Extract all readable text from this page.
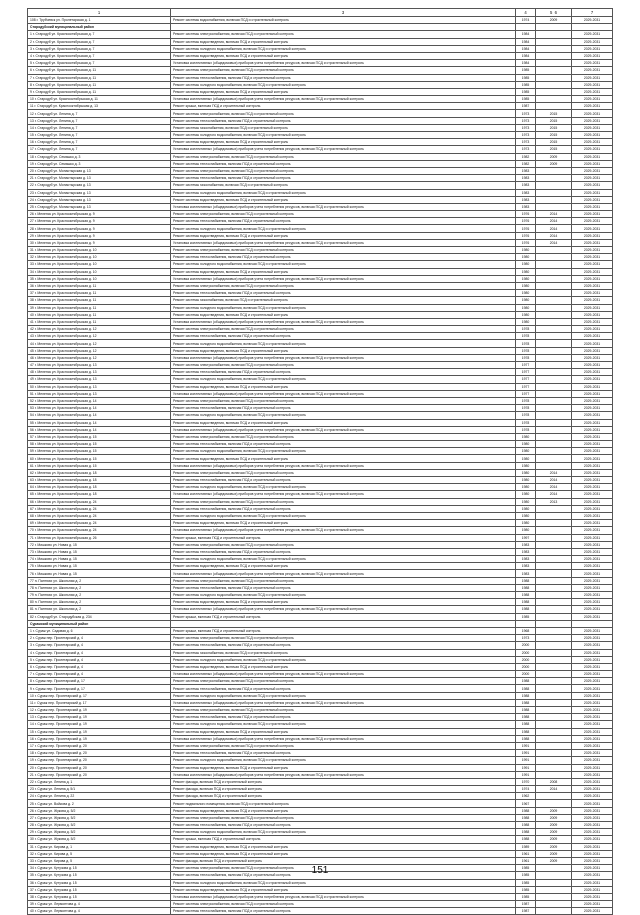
1	3	4	5 6	7
108 г. Трубчевск ул. Пролетарская д. 1	Ремонт системы водоснабжения, включая ПСД и строительный контроль	1974	2009	2029-2031
Стародубский муниципальный район				
1 г. Стародуб ул. Краснооктябрьская д. 7	Ремонт системы электроснабжения, включая ПСД и строительный контроль	1984		2029-2031
2 г. Стародуб ул. Краснооктябрьская д. 7	Ремонт системы водоотведения, включая ПСД и строительный контроль	1984		2029-2031
3 г. Стародуб ул. Краснооктябрьская д. 7	Ремонт системы холодного водоснабжения, включая ПСД и строительный контроль	1984		2029-2031
4 г. Стародуб ул. Краснооктябрьская д. 7	Ремонт системы водоотведения, включая ПСД и строительный контроль	1984		2029-2031
5 г. Стародуб ул. Краснооктябрьская д. 7	Установка коллективных (общедомовых) приборов учета потребления ресурсов, включая ПСД и строительный контроль	1984		2029-2031
6 г. Стародуб ул. Краснооктябрьская д. 11	Ремонт системы электроснабжения, включая ПСД и строительный контроль	1985		2029-2031
7 г. Стародуб ул. Краснооктябрьская д. 11	Ремонт системы теплоснабжения, включая ПСД и строительный контроль	1985		2029-2031
8 г. Стародуб ул. Краснооктябрьская д. 11	Ремонт системы холодного водоснабжения, включая ПСД и строительный контроль	1985		2029-2031
9 г. Стародуб ул. Краснооктябрьская д. 11	Ремонт системы водоотведения, включая ПСД и строительный контроль	1985		2029-2031
10 г. Стародуб ул. Краснооктябрьская д. 11	Установка коллективных (общедомовых) приборов учета потребления ресурсов, включая ПСД и строительный контроль	1985		2029-2031
11 г. Стародуб ул. Краснооктябрьская д. 13	Ремонт крыши, включая ПСД и строительный контроль	1987		2029-2031
12 г. Стародуб ул. Ленина д. 7	Ремонт системы электроснабжения, включая ПСД и строительный контроль	1973	2015	2029-2031
13 г. Стародуб ул. Ленина д. 7	Ремонт системы теплоснабжения, включая ПСД и строительный контроль	1973	2015	2029-2031
14 г. Стародуб ул. Ленина д. 7	Ремонт системы газоснабжения, включая ПСД и строительный контроль	1973	2015	2029-2031
15 г. Стародуб ул. Ленина д. 7	Ремонт системы холодного водоснабжения, включая ПСД и строительный контроль	1973	2015	2029-2031
16 г. Стародуб ул. Ленина д. 7	Ремонт системы водоотведения, включая ПСД и строительный контроль	1973	2015	2029-2031
17 г. Стародуб ул. Ленина д. 7	Установка коллективных (общедомовых) приборов учета потребления ресурсов, включая ПСД и строительный контроль	1973	2015	2029-2031
18 г. Стародуб ул. Семашко д. 3	Ремонт системы электроснабжения, включая ПСД и строительный контроль	1982	2009	2029-2031
19 г. Стародуб ул. Семашко д. 3	Ремонт системы теплоснабжения, включая ПСД и строительный контроль	1982	2009	2029-2031
20 г. Стародуб ул. Монастырская д. 13	Ремонт системы электроснабжения, включая ПСД и строительный контроль	1983		2029-2031
21 г. Стародуб ул. Монастырская д. 13	Ремонт системы теплоснабжения, включая ПСД и строительный контроль	1983		2029-2031
22 г. Стародуб ул. Монастырская д. 13	Ремонт системы газоснабжения, включая ПСД и строительный контроль	1983		2029-2031
23 г. Стародуб ул. Монастырская д. 13	Ремонт системы холодного водоснабжения, включая ПСД и строительный контроль	1983		2029-2031
24 г. Стародуб ул. Монастырская д. 13	Ремонт системы водоотведения, включая ПСД и строительный контроль	1983		2029-2031
25 г. Стародуб ул. Монастырская д. 13	Установка коллективных (общедомовых) приборов учета потребления ресурсов, включая ПСД и строительный контроль	1983		2029-2031
26 г. Меленск ул. Краснооктябрьская д. 9	Ремонт системы электроснабжения, включая ПСД и строительный контроль	1976	2014	2029-2031
27 г. Меленск ул. Краснооктябрьская д. 9	Ремонт системы теплоснабжения, включая ПСД и строительный контроль	1976	2014	2029-2031
28 г. Меленск ул. Краснооктябрьская д. 9	Ремонт системы холодного водоснабжения, включая ПСД и строительный контроль	1976	2014	2029-2031
29 г. Меленск ул. Краснооктябрьская д. 9	Ремонт системы водоотведения, включая ПСД и строительный контроль	1976	2014	2029-2031
30 г. Меленск ул. Краснооктябрьская д. 9	Установка коллективных (общедомовых) приборов учета потребления ресурсов, включая ПСД и строительный контроль	1976	2014	2029-2031
31 г. Меленск ул. Краснооктябрьская д. 10	Ремонт системы электроснабжения, включая ПСД и строительный контроль	1980		2029-2031
32 г. Меленск ул. Краснооктябрьская д. 10	Ремонт системы теплоснабжения, включая ПСД и строительный контроль	1980		2029-2031
33 г. Меленск ул. Краснооктябрьская д. 10	Ремонт системы холодного водоснабжения, включая ПСД и строительный контроль	1980		2029-2031
34 г. Меленск ул. Краснооктябрьская д. 10	Ремонт системы водоотведения, включая ПСД и строительный контроль	1980		2029-2031
35 г. Меленск ул. Краснооктябрьская д. 10	Установка коллективных (общедомовых) приборов учета потребления ресурсов, включая ПСД и строительный контроль	1980		2029-2031
36 г. Меленск ул. Краснооктябрьская д. 11	Ремонт системы электроснабжения, включая ПСД и строительный контроль	1980		2029-2031
37 г. Меленск ул. Краснооктябрьская д. 11	Ремонт системы теплоснабжения, включая ПСД и строительный контроль	1980		2029-2031
38 г. Меленск ул. Краснооктябрьская д. 11	Ремонт системы газоснабжения, включая ПСД и строительный контроль	1980		2029-2031
39 г. Меленск ул. Краснооктябрьская д. 11	Ремонт системы холодного водоснабжения, включая ПСД и строительный контроль	1980		2029-2031
40 г. Меленск ул. Краснооктябрьская д. 11	Ремонт системы водоотведения, включая ПСД и строительный контроль	1980		2029-2031
41 г. Меленск ул. Краснооктябрьская д. 11	Установка коллективных (общедомовых) приборов учета потребления ресурсов, включая ПСД и строительный контроль	1980		2029-2031
42 г. Меленск ул. Краснооктябрьская д. 12	Ремонт системы электроснабжения, включая ПСД и строительный контроль	1978		2029-2031
43 г. Меленск ул. Краснооктябрьская д. 12	Ремонт системы теплоснабжения, включая ПСД и строительный контроль	1978		2029-2031
44 г. Меленск ул. Краснооктябрьская д. 12	Ремонт системы холодного водоснабжения, включая ПСД и строительный контроль	1978		2029-2031
45 г. Меленск ул. Краснооктябрьская д. 12	Ремонт системы водоотведения, включая ПСД и строительный контроль	1978		2029-2031
46 г. Меленск ул. Краснооктябрьская д. 12	Установка коллективных (общедомовых) приборов учета потребления ресурсов, включая ПСД и строительный контроль	1978		2029-2031
47 г. Меленск ул. Краснооктябрьская д. 13	Ремонт системы электроснабжения, включая ПСД и строительный контроль	1977		2029-2031
48 г. Меленск ул. Краснооктябрьская д. 13	Ремонт системы теплоснабжения, включая ПСД и строительный контроль	1977		2029-2031
49 г. Меленск ул. Краснооктябрьская д. 13	Ремонт системы холодного водоснабжения, включая ПСД и строительный контроль	1977		2029-2031
50 г. Меленск ул. Краснооктябрьская д. 13	Ремонт системы водоотведения, включая ПСД и строительный контроль	1977		2029-2031
51 г. Меленск ул. Краснооктябрьская д. 13	Установка коллективных (общедомовых) приборов учета потребления ресурсов, включая ПСД и строительный контроль	1977		2029-2031
52 г. Меленск ул. Краснооктябрьская д. 14	Ремонт системы электроснабжения, включая ПСД и строительный контроль	1978		2029-2031
53 г. Меленск ул. Краснооктябрьская д. 14	Ремонт системы теплоснабжения, включая ПСД и строительный контроль	1978		2029-2031
54 г. Меленск ул. Краснооктябрьская д. 14	Ремонт системы холодного водоснабжения, включая ПСД и строительный контроль	1978		2029-2031
55 г. Меленск ул. Краснооктябрьская д. 14	Ремонт системы водоотведения, включая ПСД и строительный контроль	1978		2029-2031
56 г. Меленск ул. Краснооктябрьская д. 14	Установка коллективных (общедомовых) приборов учета потребления ресурсов, включая ПСД и строительный контроль	1978		2029-2031
57 г. Меленск ул. Краснооктябрьская д. 15	Ремонт системы электроснабжения, включая ПСД и строительный контроль	1980		2029-2031
58 г. Меленск ул. Краснооктябрьская д. 15	Ремонт системы теплоснабжения, включая ПСД и строительный контроль	1980		2029-2031
59 г. Меленск ул. Краснооктябрьская д. 15	Ремонт системы холодного водоснабжения, включая ПСД и строительный контроль	1980		2029-2031
60 г. Меленск ул. Краснооктябрьская д. 15	Ремонт системы водоотведения, включая ПСД и строительный контроль	1980		2029-2031
61 г. Меленск ул. Краснооктябрьская д. 15	Установка коллективных (общедомовых) приборов учета потребления ресурсов, включая ПСД и строительный контроль	1980		2029-2031
62 г. Меленск ул. Краснооктябрьская д. 18	Ремонт системы электроснабжения, включая ПСД и строительный контроль	1980	2014	2029-2031
63 г. Меленск ул. Краснооктябрьская д. 18	Ремонт системы теплоснабжения, включая ПСД и строительный контроль	1980	2014	2029-2031
64 г. Меленск ул. Краснооктябрьская д. 18	Ремонт системы холодного водоснабжения, включая ПСД и строительный контроль	1980	2014	2029-2031
65 г. Меленск ул. Краснооктябрьская д. 18	Установка коллективных (общедомовых) приборов учета потребления ресурсов, включая ПСД и строительный контроль	1980	2014	2029-2031
66 г. Меленск ул. Краснооктябрьская д. 24	Ремонт системы электроснабжения, включая ПСД и строительный контроль	1980	2013	2029-2031
67 г. Меленск ул. Краснооктябрьская д. 24	Ремонт системы теплоснабжения, включая ПСД и строительный контроль	1980		2029-2031
68 г. Меленск ул. Краснооктябрьская д. 24	Ремонт системы холодного водоснабжения, включая ПСД и строительный контроль	1980		2029-2031
69 г. Меленск ул. Краснооктябрьская д. 24	Ремонт системы водоотведения, включая ПСД и строительный контроль	1980		2029-2031
70 г. Меленск ул. Краснооктябрьская д. 24	Установка коллективных (общедомовых) приборов учета потребления ресурсов, включая ПСД и строительный контроль	1980		2029-2031
71 г. Меленск ул. Краснооктябрьская д. 26	Ремонт крыши, включая ПСД и строительный контроль	1997		2029-2031
72 г. Мишково ул. Новая д. 15	Ремонт системы электроснабжения, включая ПСД и строительный контроль	1983		2029-2031
73 г. Мишково ул. Новая д. 15	Ремонт системы теплоснабжения, включая ПСД и строительный контроль	1983		2029-2031
74 г. Мишково ул. Новая д. 15	Ремонт системы холодного водоснабжения, включая ПСД и строительный контроль	1983		2029-2031
75 г. Мишково ул. Новая д. 15	Ремонт системы водоотведения, включая ПСД и строительный контроль	1983		2029-2031
76 г. Мишково ул. Новая д. 15	Установка коллективных (общедомовых) приборов учета потребления ресурсов, включая ПСД и строительный контроль	1983		2029-2031
77 п. Пантюхи ул. Школьная д. 2	Ремонт системы электроснабжения, включая ПСД и строительный контроль	1988		2029-2031
78 п. Пантюхи ул. Школьная д. 2	Ремонт системы теплоснабжения, включая ПСД и строительный контроль	1988		2029-2031
79 п. Пантюхи ул. Школьная д. 2	Ремонт системы холодного водоснабжения, включая ПСД и строительный контроль	1988		2029-2031
80 п. Пантюхи ул. Школьная д. 2	Ремонт системы водоотведения, включая ПСД и строительный контроль	1988		2029-2031
81 п. Пантюхи ул. Школьная д. 2	Установка коллективных (общедомовых) приборов учета потребления ресурсов, включая ПСД и строительный контроль	1988		2029-2031
82 г. Стародуб ул. Стародубская д. 234	Ремонт крыши, включая ПСД и строительный контроль	1985		2029-2031
Суражский муниципальный район				
1 г. Сураж ул. Садовая д. 6	Ремонт крыши, включая ПСД и строительный контроль	1968		2029-2031
2 г. Сураж пер. Пролетарский д. 4	Ремонт системы электроснабжения, включая ПСД и строительный контроль	1973		2029-2031
3 г. Сураж пер. Пролетарский д. 4	Ремонт системы теплоснабжения, включая ПСД и строительный контроль	2000		2029-2031
4 г. Сураж пер. Пролетарский д. 4	Ремонт системы газоснабжения, включая ПСД и строительный контроль	2000		2029-2031
5 г. Сураж пер. Пролетарский д. 4	Ремонт системы холодного водоснабжения, включая ПСД и строительный контроль	2000		2029-2031
6 г. Сураж пер. Пролетарский д. 4	Ремонт системы водоотведения, включая ПСД и строительный контроль	2000		2029-2031
7 г. Сураж пер. Пролетарский д. 4	Установка коллективных (общедомовых) приборов учета потребления ресурсов, включая ПСД и строительный контроль	2000		2029-2031
8 г. Сураж пер. Пролетарский д. 17	Ремонт системы электроснабжения, включая ПСД и строительный контроль	1988		2029-2031
9 г. Сураж пер. Пролетарский д. 17	Ремонт системы теплоснабжения, включая ПСД и строительный контроль	1988		2029-2031
10 г. Сураж пер. Пролетарский д. 17	Ремонт системы холодного водоснабжения, включая ПСД и строительный контроль	1988		2029-2031
11 г. Сураж пер. Пролетарский д. 17	Установка коллективных (общедомовых) приборов учета потребления ресурсов, включая ПСД и строительный контроль	1988		2029-2031
12 г. Сураж пер. Пролетарский д. 19	Ремонт системы электроснабжения, включая ПСД и строительный контроль	1988		2029-2031
13 г. Сураж пер. Пролетарский д. 19	Ремонт системы теплоснабжения, включая ПСД и строительный контроль	1988		2029-2031
14 г. Сураж пер. Пролетарский д. 19	Ремонт системы холодного водоснабжения, включая ПСД и строительный контроль	1988		2029-2031
15 г. Сураж пер. Пролетарский д. 19	Ремонт системы водоотведения, включая ПСД и строительный контроль	1988		2029-2031
16 г. Сураж пер. Пролетарский д. 19	Установка коллективных (общедомовых) приборов учета потребления ресурсов, включая ПСД и строительный контроль	1988		2029-2031
17 г. Сураж пер. Пролетарский д. 20	Ремонт системы электроснабжения, включая ПСД и строительный контроль	1991		2029-2031
18 г. Сураж пер. Пролетарский д. 20	Ремонт системы теплоснабжения, включая ПСД и строительный контроль	1991		2029-2031
19 г. Сураж пер. Пролетарский д. 20	Ремонт системы холодного водоснабжения, включая ПСД и строительный контроль	1991		2029-2031
20 г. Сураж пер. Пролетарский д. 20	Ремонт системы водоотведения, включая ПСД и строительный контроль	1991		2029-2031
21 г. Сураж пер. Пролетарский д. 20	Установка коллективных (общедомовых) приборов учета потребления ресурсов, включая ПСД и строительный контроль	1991		2029-2031
22 г. Сураж ул. Ленина д. 1	Ремонт фасада, включая ПСД и строительный контроль	1970	2008	2029-2031
23 г. Сураж ул. Ленина д. 5/1	Ремонт фасада, включая ПСД и строительный контроль	1974	2014	2029-2031
24 г. Сураж ул. Ленина д. 22	Ремонт фасада, включая ПСД и строительный контроль	1962		2029-2031
25 г. Сураж ул. Войкова д. 2	Ремонт подвального помещения, включая ПСД и строительный контроль	1967		2029-2031
26 г. Сураж ул. Жукова д. 5/2	Ремонт системы водоотведения, включая ПСД и строительный контроль	1988	2009	2029-2031
27 г. Сураж ул. Жукова д. 5/2	Ремонт системы электроснабжения, включая ПСД и строительный контроль	1988	2009	2029-2031
28 г. Сураж ул. Жукова д. 5/2	Ремонт системы теплоснабжения, включая ПСД и строительный контроль	1988	2009	2029-2031
29 г. Сураж ул. Жукова д. 5/2	Ремонт системы холодного водоснабжения, включая ПСД и строительный контроль	1988	2009	2029-2031
30 г. Сураж ул. Жукова д. 5/2	Ремонт крыши, включая ПСД и строительный контроль	1988	2009	2029-2031
31 г. Сураж ул. Кирова д. 1	Ремонт системы водоотведения, включая ПСД и строительный контроль	1989	2009	2029-2031
32 г. Сураж ул. Кирова д. 5	Ремонт системы водоотведения, включая ПСД и строительный контроль	1961	2009	2029-2031
33 г. Сураж ул. Кирова д. 5	Ремонт фасада, включая ПСД и строительный контроль	1961	2009	2029-2031
34 г. Сураж ул. Кутузова д. 15	Ремонт системы электроснабжения, включая ПСД и строительный контроль	1985		2029-2031
35 г. Сураж ул. Кутузова д. 15	Ремонт системы теплоснабжения, включая ПСД и строительный контроль	1985		2029-2031
36 г. Сураж ул. Кутузова д. 15	Ремонт системы холодного водоснабжения, включая ПСД и строительный контроль	1985		2029-2031
37 г. Сураж ул. Кутузова д. 15	Ремонт системы водоотведения, включая ПСД и строительный контроль	1985		2029-2031
38 г. Сураж ул. Кутузова д. 15	Установка коллективных (общедомовых) приборов учета потребления ресурсов, включая ПСД и строительный контроль	1985		2029-2031
39 г. Сураж ул. Лермонтова д. 4	Ремонт системы электроснабжения, включая ПСД и строительный контроль	1987		2029-2031
40 г. Сураж ул. Лермонтова д. 4	Ремонт системы теплоснабжения, включая ПСД и строительный контроль	1987		2029-2031
151
